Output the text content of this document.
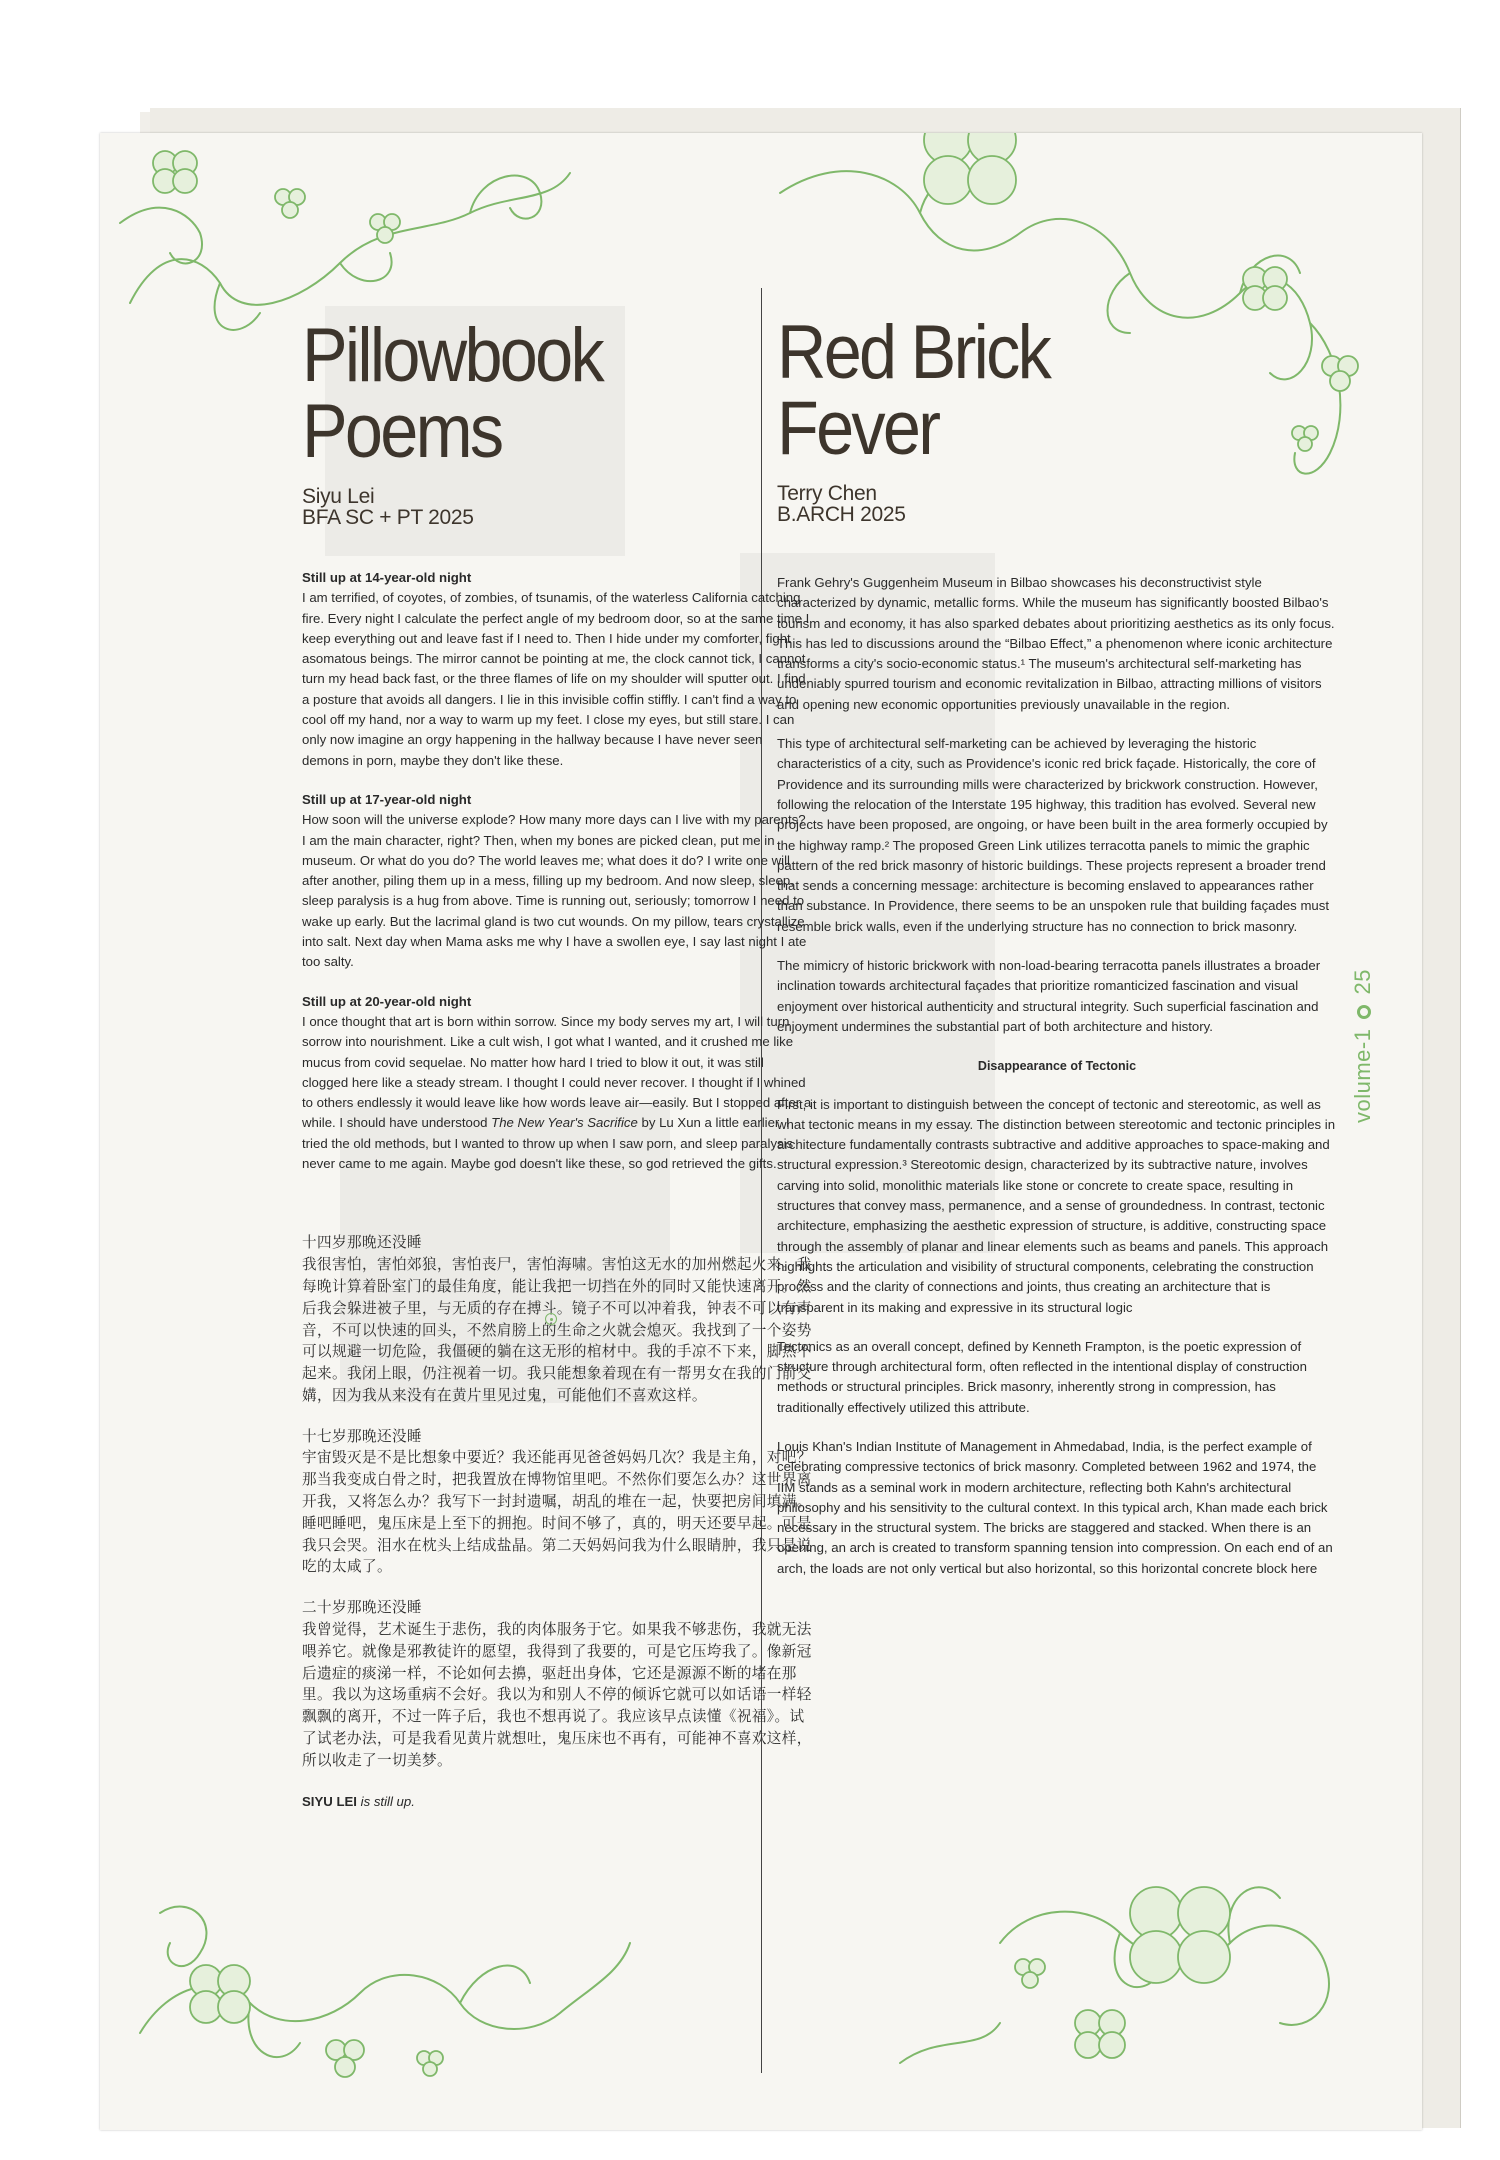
Pillowbook
Poems
Siyu Lei
BFA SC + PT 2025

Still up at 14-year-old night
I am terrified, of coyotes, of zombies, of tsunamis, of the waterless California catching fire. Every night I calculate the perfect angle of my bedroom door, so at the same time I keep everything out and leave fast if I need to. Then I hide under my comforter, fight asomatous beings. The mirror cannot be pointing at me, the clock cannot tick, I cannot turn my head back fast, or the three flames of life on my shoulder will sputter out. I find a posture that avoids all dangers. I lie in this invisible coffin stiffly. I can't find a way to cool off my hand, nor a way to warm up my feet. I close my eyes, but still stare. I can only now imagine an orgy happening in the hallway because I have never seen demons in porn, maybe they don't like these.

Still up at 17-year-old night
How soon will the universe explode? How many more days can I live with my parents? I am the main character, right? Then, when my bones are picked clean, put me in museum. Or what do you do? The world leaves me; what does it do? I write one will after another, piling them up in a mess, filling up my bedroom. And now sleep, sleep, sleep paralysis is a hug from above. Time is running out, seriously; tomorrow I need to wake up early. But the lacrimal gland is two cut wounds. On my pillow, tears crystallize into salt. Next day when Mama asks me why I have a swollen eye, I say last night I ate too salty.

Still up at 20-year-old night
I once thought that art is born within sorrow. Since my body serves my art, I will turn sorrow into nourishment. Like a cult wish, I got what I wanted, and it crushed me like mucus from covid sequelae. No matter how hard I tried to blow it out, it was still clogged here like a steady stream. I thought I could never recover. I thought if I whined to others endlessly it would leave like how words leave air—easily. But I stopped after a while. I should have understood The New Year's Sacrifice by Lu Xun a little earlier. I tried the old methods, but I wanted to throw up when I saw porn, and sleep paralysis never came to me again. Maybe god doesn't like these, so god retrieved the gifts.

十四岁那晚还没睡
我很害怕，害怕郊狼，害怕丧尸，害怕海啸。害怕这无水的加州燃起火来。我每晚计算着卧室门的最佳角度，能让我把一切挡在外的同时又能快速离开。然后我会躲进被子里，与无质的存在搏斗。镜子不可以冲着我，钟表不可以有声音，不可以快速的回头，不然肩膀上的生命之火就会熄灭。我找到了一个姿势可以规避一切危险，我僵硬的躺在这无形的棺材中。我的手凉不下来，脚热不起来。我闭上眼，仍注视着一切。我只能想象着现在有一帮男女在我的门前交媾，因为我从来没有在黄片里见过鬼，可能他们不喜欢这样。

十七岁那晚还没睡
宇宙毁灭是不是比想象中要近？我还能再见爸爸妈妈几次？我是主角，对吧？那当我变成白骨之时，把我置放在博物馆里吧。不然你们要怎么办？这世界离开我，又将怎么办？我写下一封封遗嘱，胡乱的堆在一起，快要把房间填满。睡吧睡吧，鬼压床是上至下的拥抱。时间不够了，真的，明天还要早起。可是我只会哭。泪水在枕头上结成盐晶。第二天妈妈问我为什么眼睛肿，我只是说吃的太咸了。

二十岁那晚还没睡
我曾觉得，艺术诞生于悲伤，我的肉体服务于它。如果我不够悲伤，我就无法喂养它。就像是邪教徒许的愿望，我得到了我要的，可是它压垮我了。像新冠后遗症的痰涕一样，不论如何去擤，驱赶出身体，它还是源源不断的堵在那里。我以为这场重病不会好。我以为和别人不停的倾诉它就可以如话语一样轻飘飘的离开，不过一阵子后，我也不想再说了。我应该早点读懂《祝福》。试了试老办法，可是我看见黄片就想吐，鬼压床也不再有，可能神不喜欢这样，所以收走了一切美梦。

SIYU LEI is still up.

Red Brick
Fever
Terry Chen
B.ARCH 2025

Frank Gehry's Guggenheim Museum in Bilbao showcases his deconstructivist style characterized by dynamic, metallic forms. While the museum has significantly boosted Bilbao's tourism and economy, it has also sparked debates about prioritizing aesthetics as its only focus. This has led to discussions around the “Bilbao Effect,” a phenomenon where iconic architecture transforms a city's socio-economic status.¹ The museum's architectural self-marketing has undeniably spurred tourism and economic revitalization in Bilbao, attracting millions of visitors and opening new economic opportunities previously unavailable in the region.

This type of architectural self-marketing can be achieved by leveraging the historic characteristics of a city, such as Providence's iconic red brick façade. Historically, the core of Providence and its surrounding mills were characterized by brickwork construction. However, following the relocation of the Interstate 195 highway, this tradition has evolved. Several new projects have been proposed, are ongoing, or have been built in the area formerly occupied by the highway ramp.² The proposed Green Link utilizes terracotta panels to mimic the graphic pattern of the red brick masonry of historic buildings. These projects represent a broader trend that sends a concerning message: architecture is becoming enslaved to appearances rather than substance. In Providence, there seems to be an unspoken rule that building façades must resemble brick walls, even if the underlying structure has no connection to brick masonry.

The mimicry of historic brickwork with non-load-bearing terracotta panels illustrates a broader inclination towards architectural façades that prioritize romanticized fascination and visual enjoyment over historical authenticity and structural integrity. Such superficial fascination and enjoyment undermines the substantial part of both architecture and history.

Disappearance of Tectonic

First, it is important to distinguish between the concept of tectonic and stereotomic, as well as what tectonic means in my essay. The distinction between stereotomic and tectonic principles in architecture fundamentally contrasts subtractive and additive approaches to space-making and structural expression.³ Stereotomic design, characterized by its subtractive nature, involves carving into solid, monolithic materials like stone or concrete to create space, resulting in structures that convey mass, permanence, and a sense of groundedness. In contrast, tectonic architecture, emphasizing the aesthetic expression of structure, is additive, constructing space through the assembly of planar and linear elements such as beams and panels. This approach highlights the articulation and visibility of structural components, celebrating the construction process and the clarity of connections and joints, thus creating an architecture that is transparent in its making and expressive in its structural logic

Tectonics as an overall concept, defined by Kenneth Frampton, is the poetic expression of structure through architectural form, often reflected in the intentional display of construction methods or structural principles. Brick masonry, inherently strong in compression, has traditionally effectively utilized this attribute.

Louis Khan's Indian Institute of Management in Ahmedabad, India, is the perfect example of celebrating compressive tectonics of brick masonry. Completed between 1962 and 1974, the IIM stands as a seminal work in modern architecture, reflecting both Kahn's architectural philosophy and his sensitivity to the cultural context. In this typical arch, Khan made each brick necessary in the structural system. The bricks are staggered and stacked. When there is an opening, an arch is created to transform spanning tension into compression. On each end of an arch, the loads are not only vertical but also horizontal, so this horizontal concrete block here

volume-125
